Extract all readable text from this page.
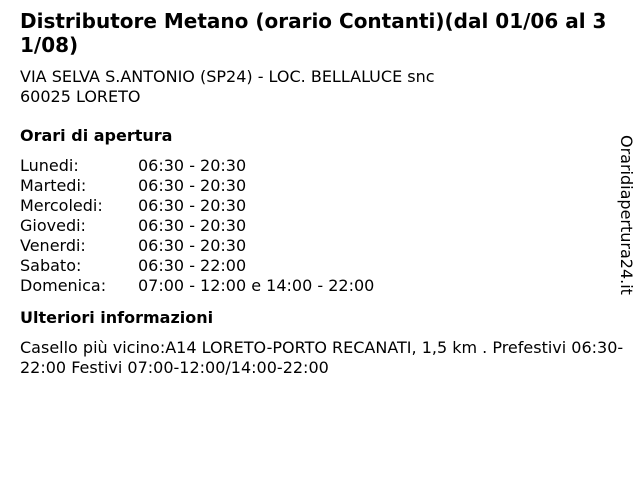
Distributore Metano (orario Contanti)(dal 01/06 al 31/08)
VIA SELVA S.ANTONIO (SP24) - LOC. BELLALUCE snc
60025 LORETO
Orari di apertura
Lunedi:	06:30 - 20:30
Martedi:	06:30 - 20:30
Mercoledi:	06:30 - 20:30
Giovedi:	06:30 - 20:30
Venerdi:	06:30 - 20:30
Sabato:	06:30 - 22:00
Domenica:	07:00 - 12:00 e 14:00 - 22:00
Ulteriori informazioni
Casello più vicino:A14 LORETO-PORTO RECANATI, 1,5 km . Prefestivi 06:30-22:00 Festivi 07:00-12:00/14:00-22:00
Oraridiapertura24.it
